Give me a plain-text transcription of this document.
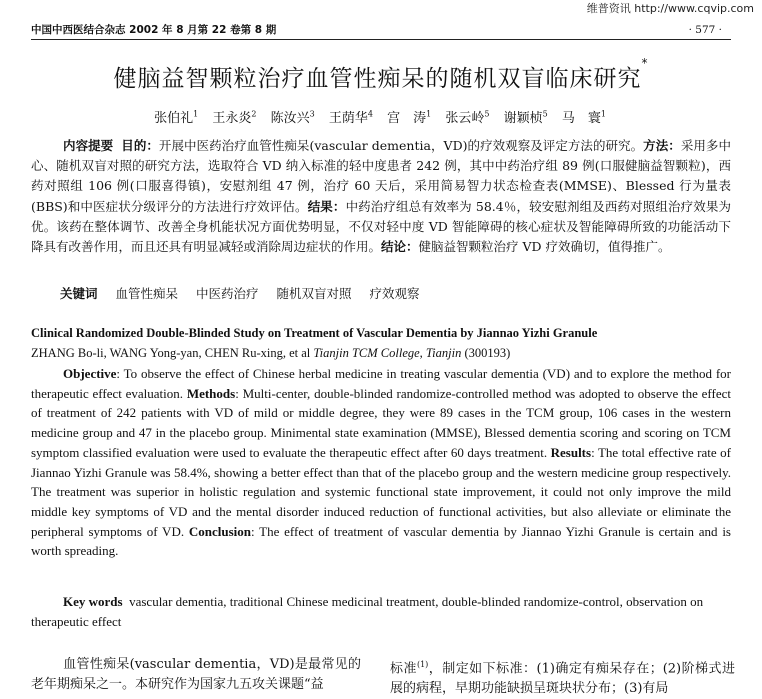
维普资讯 http://www.cqvip.com
中国中西医结合杂志 2002 年 8 月第 22 卷第 8 期	· 577 ·
健脑益智颗粒治疗血管性痴呆的随机双盲临床研究*
张伯礼$^1$ 王永炎$^2$ 陈汝兴$^3$ 王荫华$^4$ 宫　涛$^1$ 张云岭$^5$ 谢颖桢$^5$ 马　寰$^1$
内容提要 目的：开展中医药治疗血管性痴呆(vascular dementia，VD)的疗效观察及评定方法的研究。方法：采用多中心、随机双盲对照的研究方法，选取符合 VD 纳入标准的轻中度患者 242 例，其中中药治疗组 89 例(口服健脑益智颗粒)，西药对照组 106 例(口服喜得镇)，安慰剂组 47 例，治疗 60 天后，采用简易智力状态检查表(MMSE)、Blessed 行为量表(BBS)和中医症状分级评分的方法进行疗效评估。结果：中药治疗组总有效率为 58.4％，较安慰剂组及西药对照组治疗效果为优。该药在整体调节、改善全身机能状况方面优势明显，不仅对轻中度 VD 智能障碍的核心症状及智能障碍所致的功能活动下降具有改善作用，而且还具有明显减轻或消除周边症状的作用。结论：健脑益智颗粒治疗 VD 疗效确切，值得推广。
关键词 血管性痴呆 中医药治疗 随机双盲对照 疗效观察
Clinical Randomized Double-Blinded Study on Treatment of Vascular Dementia by Jiannao Yizhi Granule
ZHANG Bo-li, WANG Yong-yan, CHEN Ru-xing, et al Tianjin TCM College, Tianjin (300193)
Objective: To observe the effect of Chinese herbal medicine in treating vascular dementia (VD) and to explore the method for therapeutic effect evaluation. Methods: Multi-center, double-blinded randomize-controlled method was adopted to observe the effect of treatment of 242 patients with VD of mild or middle degree, they were 89 cases in the TCM group, 106 cases in the western medicine group and 47 in the placebo group. Minimental state examination (MMSE), Blessed dementia scoring and scoring on TCM symptom classified evaluation were used to evaluate the therapeutic effect after 60 days treatment. Results: The total effective rate of Jiannao Yizhi Granule was 58.4%, showing a better effect than that of the placebo group and the western medicine group respectively. The treatment was superior in holistic regulation and systemic functional state improvement, it could not only improve the mild middle key symptoms of VD and the mental disorder induced reduction of functional activities, but also alleviate or eliminate the peripheral symptoms of VD. Conclusion: The effect of treatment of vascular dementia by Jiannao Yizhi Granule is certain and is worth spreading.
Key words vascular dementia, traditional Chinese medicinal treatment, double-blinded randomize-control, observation on therapeutic effect
血管性痴呆(vascular dementia，VD)是最常见的老年期痴呆之一。本研究作为国家九五攻关课题“益
标准$^{(1)}$，制定如下标准：(1)确定有痴呆存在；(2)阶梯式进展的病程，早期功能缺损呈斑块状分布；(3)有局
